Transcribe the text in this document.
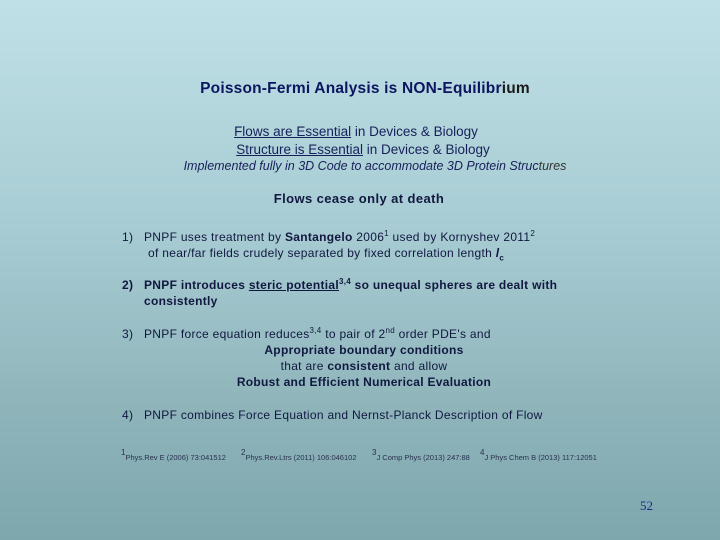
Poisson-Fermi Analysis is NON-Equilibrium
Flows are Essential in Devices & Biology
Structure is Essential in Devices & Biology
Implemented fully in 3D Code to accommodate 3D Protein Structures
Flows cease only at death
1) PNPF uses treatment by Santangelo 2006$^1$ used by Kornyshev 2011$^2$
of near/far fields crudely separated by fixed correlation length $l_c$
2) PNPF introduces steric potential$^{3,4}$ so unequal spheres are dealt with
consistently
3) PNPF force equation reduces$^{3,4}$ to pair of 2nd order PDE's and
Appropriate boundary conditions
that are consistent and allow
Robust and Efficient Numerical Evaluation
4) PNPF combines Force Equation and Nernst-Planck Description of Flow
$^1$Phys.Rev E (2006) 73:041512
$^2$Phys.Rev.Ltrs (2011) 106:046102
$^3$J Comp Phys (2013) 247:88
$^4$J Phys Chem B (2013) 117:12051
52
